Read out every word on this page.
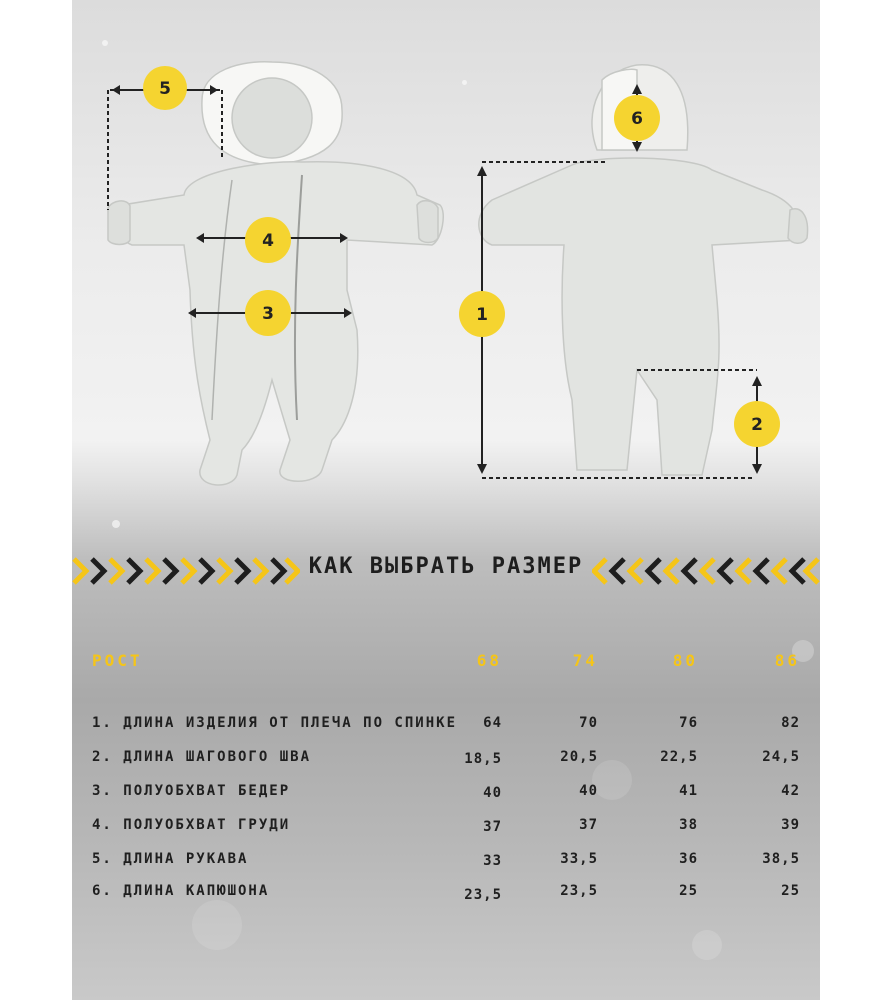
5
4
3
6
1
2
КАК ВЫБРАТЬ РАЗМЕР
РОСТ	68	74	80	86
1. ДЛИНА ИЗДЕЛИЯ ОТ ПЛЕЧА ПО СПИНКЕ	64	70	76	82
2. ДЛИНА ШАГОВОГО ШВА	18,5	20,5	22,5	24,5
3. ПОЛУОБХВАТ БЕДЕР	40	40	41	42
4. ПОЛУОБХВАТ ГРУДИ	37	37	38	39
5. ДЛИНА РУКАВА	33	33,5	36	38,5
6. ДЛИНА КАПЮШОНА	23,5	23,5	25	25
